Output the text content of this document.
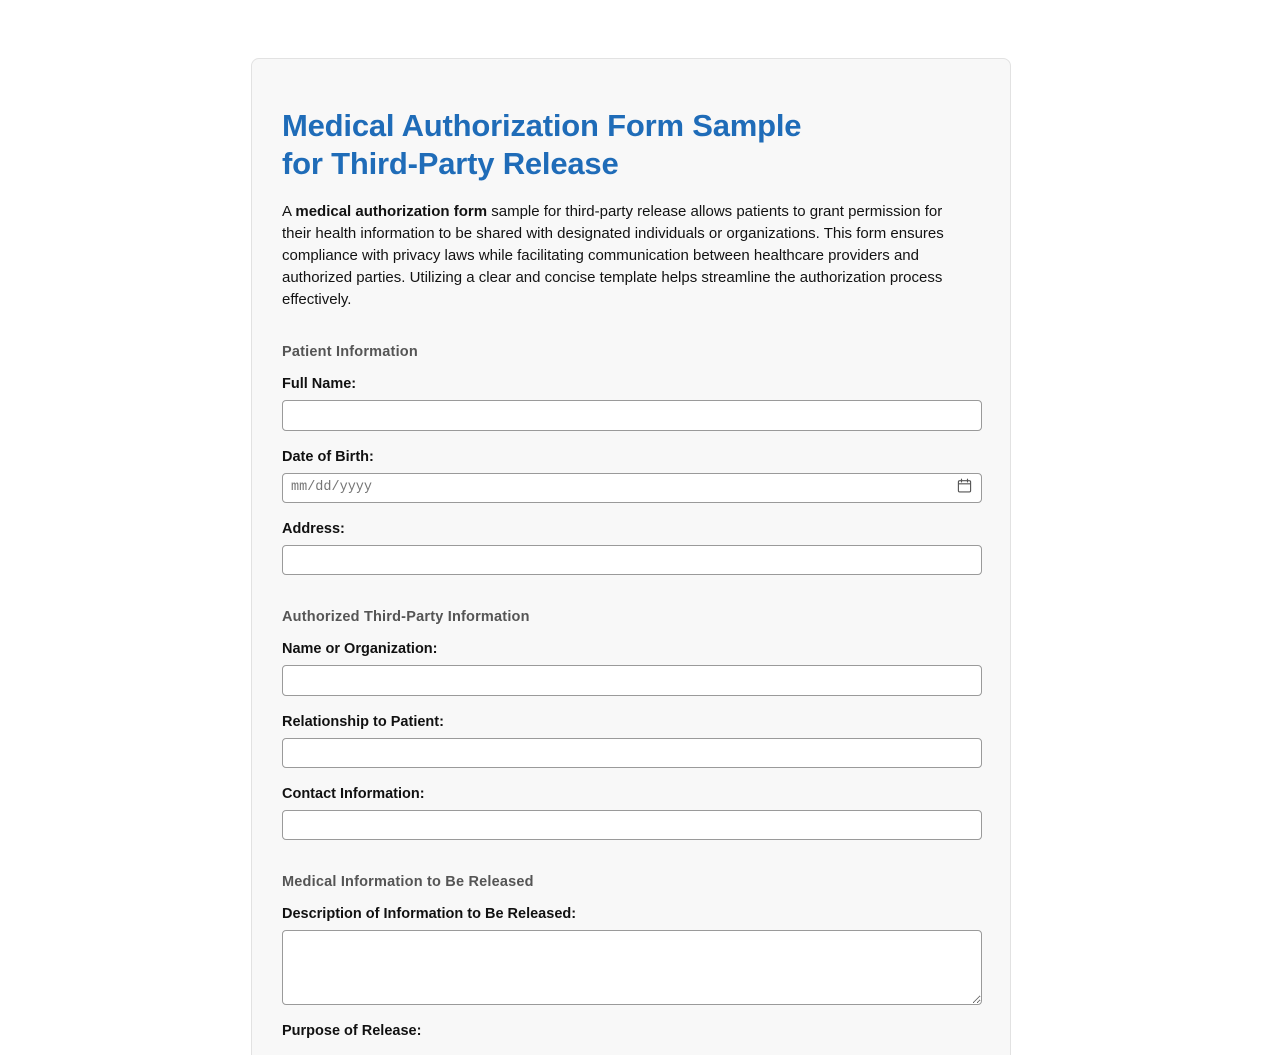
Medical Authorization Form Sample
for Third-Party Release

A medical authorization form sample for third-party release allows patients to grant permission for their health information to be shared with designated individuals or organizations. This form ensures compliance with privacy laws while facilitating communication between healthcare providers and authorized parties. Utilizing a clear and concise template helps streamline the authorization process effectively.

Patient Information
Full Name:
Date of Birth:
mm/dd/yyyy
Address:
Authorized Third-Party Information
Name or Organization:
Relationship to Patient:
Contact Information:
Medical Information to Be Released
Description of Information to Be Released:
Purpose of Release:
